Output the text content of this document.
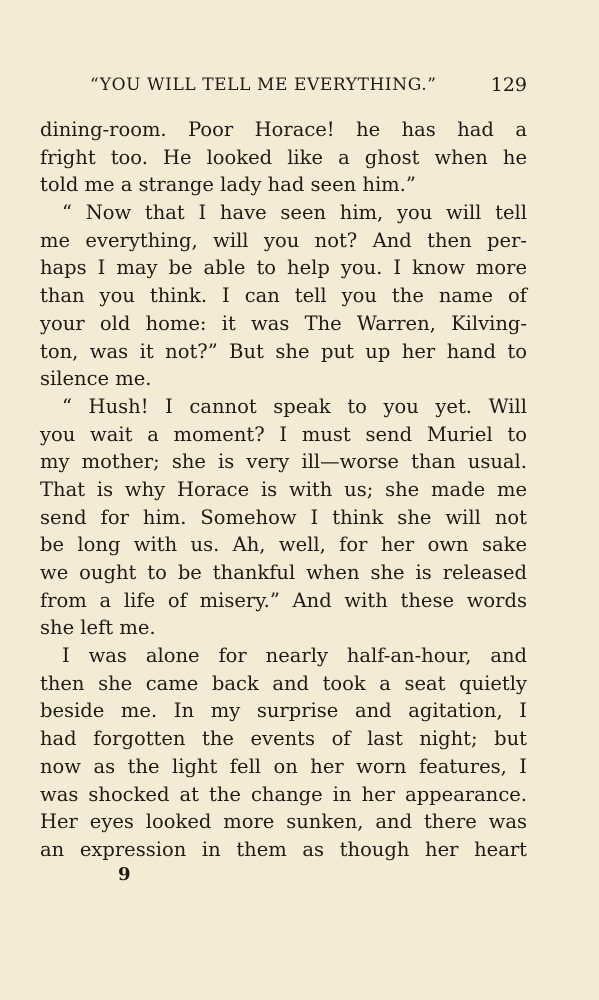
“YOU WILL TELL ME EVERYTHING.”	129
dining-room. Poor Horace! he has had a
fright too. He looked like a ghost when he
told me a strange lady had seen him.”
“ Now that I have seen him, you will tell
me everything, will you not? And then per-
haps I may be able to help you. I know more
than you think. I can tell you the name of
your old home: it was The Warren, Kilving-
ton, was it not?” But she put up her hand to
silence me.
“ Hush! I cannot speak to you yet. Will
you wait a moment? I must send Muriel to
my mother; she is very ill—worse than usual.
That is why Horace is with us; she made me
send for him. Somehow I think she will not
be long with us. Ah, well, for her own sake
we ought to be thankful when she is released
from a life of misery.” And with these words
she left me.
I was alone for nearly half-an-hour, and
then she came back and took a seat quietly
beside me. In my surprise and agitation, I
had forgotten the events of last night; but
now as the light fell on her worn features, I
was shocked at the change in her appearance.
Her eyes looked more sunken, and there was
an expression in them as though her heart
9
